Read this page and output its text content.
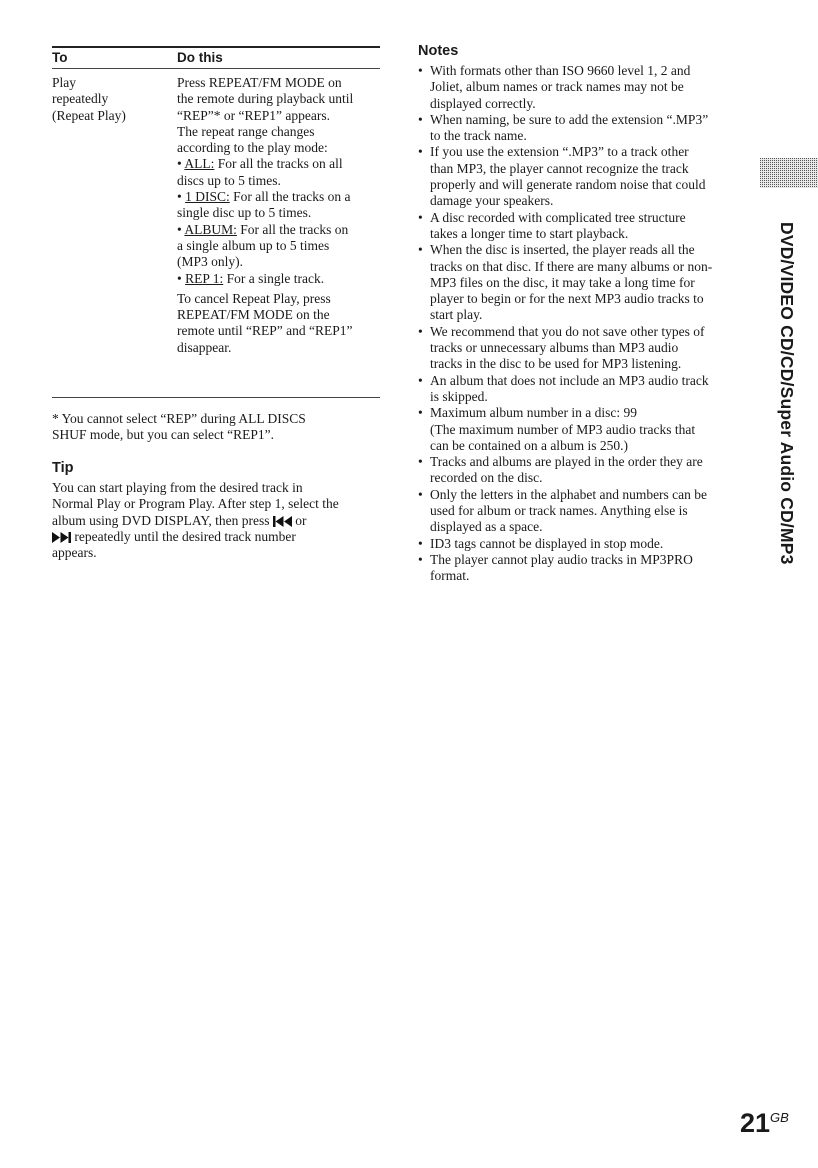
To	Do this
Play
repeatedly
(Repeat Play)
Press REPEAT/FM MODE on
the remote during playback until
“REP”* or “REP1” appears.
The repeat range changes
according to the play mode:
• ALL: For all the tracks on all
discs up to 5 times.
• 1 DISC: For all the tracks on a
single disc up to 5 times.
• ALBUM: For all the tracks on
a single album up to 5 times
(MP3 only).
• REP 1: For a single track.
To cancel Repeat Play, press
REPEAT/FM MODE on the
remote until “REP” and “REP1”
disappear.
* You cannot select “REP” during ALL DISCS
SHUF mode, but you can select “REP1”.
Tip
You can start playing from the desired track in
Normal Play or Program Play. After step 1, select the
album using DVD DISPLAY, then press or
repeatedly until the desired track number
appears.
Notes
• With formats other than ISO 9660 level 1, 2 and
Joliet, album names or track names may not be
displayed correctly.
• When naming, be sure to add the extension “.MP3”
to the track name.
• If you use the extension “.MP3” to a track other
than MP3, the player cannot recognize the track
properly and will generate random noise that could
damage your speakers.
• A disc recorded with complicated tree structure
takes a longer time to start playback.
• When the disc is inserted, the player reads all the
tracks on that disc. If there are many albums or non-
MP3 files on the disc, it may take a long time for
player to begin or for the next MP3 audio tracks to
start play.
• We recommend that you do not save other types of
tracks or unnecessary albums than MP3 audio
tracks in the disc to be used for MP3 listening.
• An album that does not include an MP3 audio track
is skipped.
• Maximum album number in a disc: 99
(The maximum number of MP3 audio tracks that
can be contained on a album is 250.)
• Tracks and albums are played in the order they are
recorded on the disc.
• Only the letters in the alphabet and numbers can be
used for album or track names. Anything else is
displayed as a space.
• ID3 tags cannot be displayed in stop mode.
• The player cannot play audio tracks in MP3PRO
format.
DVD/VIDEO CD/CD/Super Audio CD/MP3
$21^{GB}$
